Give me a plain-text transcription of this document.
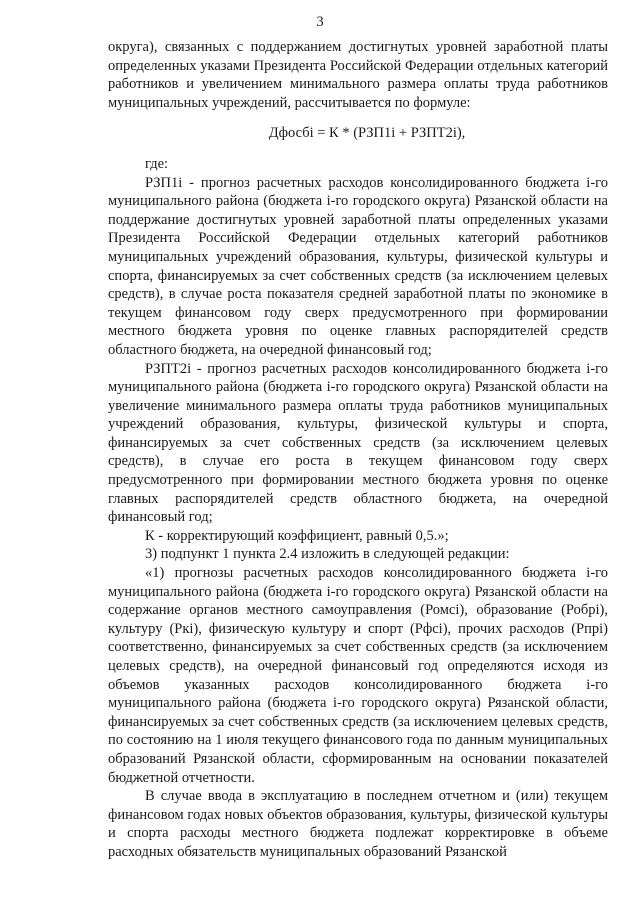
3

округа), связанных с поддержанием достигнутых уровней заработной платы определенных указами Президента Российской Федерации отдельных категорий работников и увеличением минимального размера оплаты труда работников муниципальных учреждений, рассчитывается по формуле:

Дфосбi = К * (РЗП1i + РЗПТ2i),

где:

РЗП1i - прогноз расчетных расходов консолидированного бюджета i-го муниципального района (бюджета i-го городского округа) Рязанской области на поддержание достигнутых уровней заработной платы определенных указами Президента Российской Федерации отдельных категорий работников муниципальных учреждений образования, культуры, физической культуры и спорта, финансируемых за счет собственных средств (за исключением целевых средств), в случае роста показателя средней заработной платы по экономике в текущем финансовом году сверх предусмотренного при формировании местного бюджета уровня по оценке главных распорядителей средств областного бюджета, на очередной финансовый год;

РЗПТ2i - прогноз расчетных расходов консолидированного бюджета i-го муниципального района (бюджета i-го городского округа) Рязанской области на увеличение минимального размера оплаты труда работников муниципальных учреждений образования, культуры, физической культуры и спорта, финансируемых за счет собственных средств (за исключением целевых средств), в случае его роста в текущем финансовом году сверх предусмотренного при формировании местного бюджета уровня по оценке главных распорядителей средств областного бюджета, на очередной финансовый год;

К - корректирующий коэффициент, равный 0,5.»;

3) подпункт 1 пункта 2.4 изложить в следующей редакции:

«1) прогнозы расчетных расходов консолидированного бюджета i-го муниципального района (бюджета i-го городского округа) Рязанской области на содержание органов местного самоуправления (Ромсi), образование (Робрi), культуру (Ркi), физическую культуру и спорт (Рфсi), прочих расходов (Рпрi) соответственно, финансируемых за счет собственных средств (за исключением целевых средств), на очередной финансовый год определяются исходя из объемов указанных расходов консолидированного бюджета i-го муниципального района (бюджета i-го городского округа) Рязанской области, финансируемых за счет собственных средств (за исключением целевых средств, по состоянию на 1 июля текущего финансового года по данным муниципальных образований Рязанской области, сформированным на основании показателей бюджетной отчетности.

В случае ввода в эксплуатацию в последнем отчетном и (или) текущем финансовом годах новых объектов образования, культуры, физической культуры и спорта расходы местного бюджета подлежат корректировке в объеме расходных обязательств муниципальных образований Рязанской
